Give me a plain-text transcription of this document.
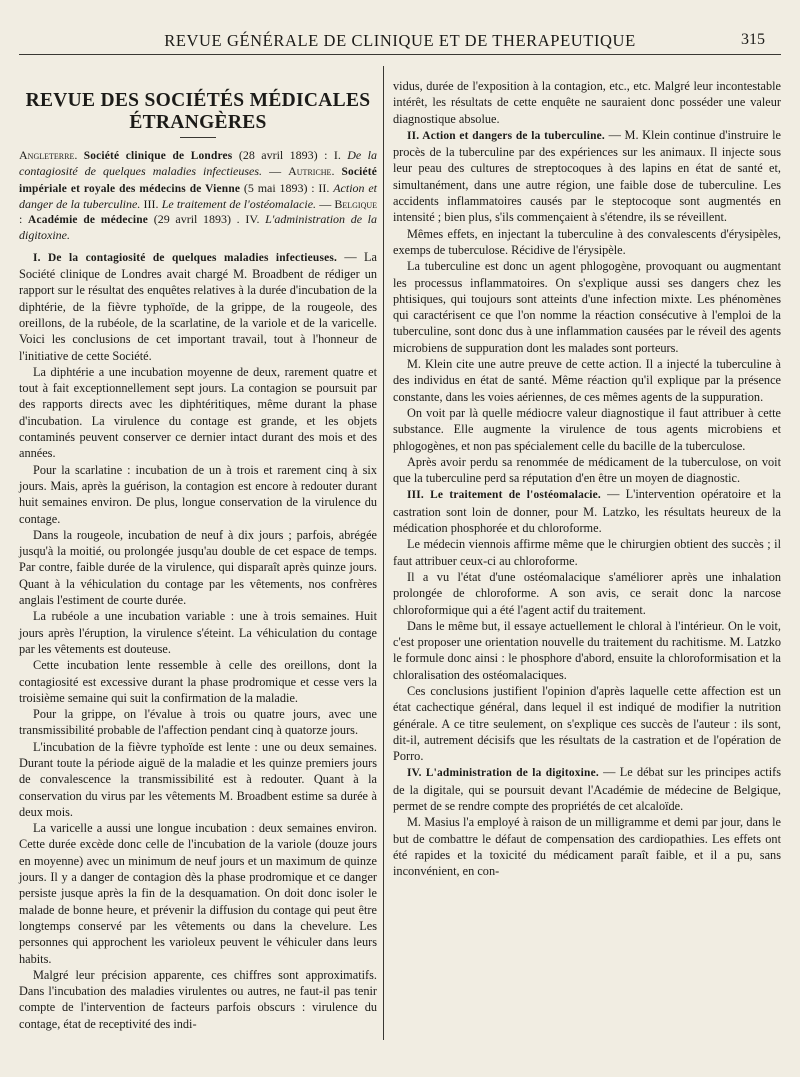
REVUE GÉNÉRALE DE CLINIQUE ET DE THERAPEUTIQUE	315
REVUE DES SOCIÉTÉS MÉDICALES ÉTRANGÈRES

Angleterre. Société clinique de Londres (28 avril 1893) : I. De la contagiosité de quelques maladies infectieuses. — Autriche. Société impériale et royale des médecins de Vienne (5 mai 1893) : II. Action et danger de la tuberculine. III. Le traitement de l'ostéomalacie. — Belgique : Académie de médecine (29 avril 1893) . IV. L'administration de la digitoxine.

I. De la contagiosité de quelques maladies infectieuses. — La Société clinique de Londres avait chargé M. Broadbent de rédiger un rapport sur le résultat des enquêtes relatives à la durée d'incubation de la diphtérie, de la fièvre typhoïde, de la grippe, de la rougeole, des oreillons, de la rubéole, de la scarlatine, de la variole et de la varicelle. Voici les conclusions de cet important travail, tout à l'honneur de l'initiative de cette Société.

La diphtérie a une incubation moyenne de deux, rarement quatre et tout à fait exceptionnellement sept jours. La contagion se poursuit par des rapports directs avec les diphtéritiques, même durant la phase d'incubation. La virulence du contage est grande, et les objets contaminés peuvent conserver ce dernier intact durant des mois et des années.

Pour la scarlatine : incubation de un à trois et rarement cinq à six jours. Mais, après la guérison, la contagion est encore à redouter durant huit semaines environ. De plus, longue conservation de la virulence du contage.

Dans la rougeole, incubation de neuf à dix jours ; parfois, abrégée jusqu'à la moitié, ou prolongée jusqu'au double de cet espace de temps. Par contre, faible durée de la virulence, qui disparaît après quinze jours. Quant à la véhiculation du contage par les vêtements, nos confrères anglais l'estiment de courte durée.

La rubéole a une incubation variable : une à trois semaines. Huit jours après l'éruption, la virulence s'éteint. La véhiculation du contage par les vêtements est douteuse.

Cette incubation lente ressemble à celle des oreillons, dont la contagiosité est excessive durant la phase prodromique et cesse vers la troisième semaine qui suit la confirmation de la maladie.

Pour la grippe, on l'évalue à trois ou quatre jours, avec une transmissibilité probable de l'affection pendant cinq à quatorze jours.

L'incubation de la fièvre typhoïde est lente : une ou deux semaines. Durant toute la période aiguë de la maladie et les quinze premiers jours de convalescence la transmissibilité est à redouter. Quant à la conservation du virus par les vêtements M. Broadbent estime sa durée à deux mois.

La varicelle a aussi une longue incubation : deux semaines environ. Cette durée excède donc celle de l'incubation de la variole (douze jours en moyenne) avec un minimum de neuf jours et un maximum de quinze jours. Il y a danger de contagion dès la phase prodromique et ce danger persiste jusque après la fin de la desquamation. On doit donc isoler le malade de bonne heure, et prévenir la diffusion du contage qui peut être longtemps conservé par les vêtements ou dans la chevelure. Les personnes qui approchent les varioleux peuvent le véhiculer dans leurs habits.

Malgré leur précision apparente, ces chiffres sont approximatifs. Dans l'incubation des maladies virulentes ou autres, ne faut-il pas tenir compte de l'intervention de facteurs parfois obscurs : virulence du contage, état de receptivité des indi-

vidus, durée de l'exposition à la contagion, etc., etc. Malgré leur incontestable intérêt, les résultats de cette enquête ne sauraient donc posséder une valeur diagnostique absolue.

II. Action et dangers de la tuberculine. — M. Klein continue d'instruire le procès de la tuberculine par des expériences sur les animaux. Il injecte sous leur peau des cultures de streptocoques à des lapins en état de santé et, simultanément, dans une autre région, une faible dose de tuberculine. Les accidents inflammatoires causés par le steptocoque sont augmentés en intensité ; bien plus, s'ils commençaient à s'étendre, ils se réveillent.

Mêmes effets, en injectant la tuberculine à des convalescents d'érysipèles, exemps de tuberculose. Récidive de l'érysipèle.

La tuberculine est donc un agent phlogogène, provoquant ou augmentant les processus inflammatoires. On s'explique aussi ses dangers chez les phtisiques, qui toujours sont atteints d'une infection mixte. Les phénomènes qui caractérisent ce que l'on nomme la réaction consécutive à l'emploi de la tuberculine, sont donc dus à une inflammation causées par le réveil des agents microbiens de suppuration dont les malades sont porteurs.

M. Klein cite une autre preuve de cette action. Il a injecté la tuberculine à des individus en état de santé. Même réaction qu'il explique par la présence constante, dans les voies aériennes, de ces mêmes agents de la suppuration.

On voit par là quelle médiocre valeur diagnostique il faut attribuer à cette substance. Elle augmente la virulence de tous agents microbiens et phlogogènes, et non pas spécialement celle du bacille de la tuberculose.

Après avoir perdu sa renommée de médicament de la tuberculose, on voit que la tuberculine perd sa réputation d'en être un moyen de diagnostic.

III. Le traitement de l'ostéomalacie. — L'intervention opératoire et la castration sont loin de donner, pour M. Latzko, les résultats heureux de la médication phosphorée et du chloroforme.

Le médecin viennois affirme même que le chirurgien obtient des succès ; il faut attribuer ceux-ci au chloroforme.

Il a vu l'état d'une ostéomalacique s'améliorer après une inhalation prolongée de chloroforme. A son avis, ce serait donc la narcose chloroformique qui a été l'agent actif du traitement.

Dans le même but, il essaye actuellement le chloral à l'intérieur. On le voit, c'est proposer une orientation nouvelle du traitement du rachitisme. M. Latzko le formule donc ainsi : le phosphore d'abord, ensuite la chloroformisation et la chloralisation des ostéomalaciques.

Ces conclusions justifient l'opinion d'après laquelle cette affection est un état cachectique général, dans lequel il est indiqué de modifier la nutrition générale. A ce titre seulement, on s'explique ces succès de l'auteur : ils sont, dit-il, autrement décisifs que les résultats de la castration et de l'opération de Porro.

IV. L'administration de la digitoxine. — Le débat sur les principes actifs de la digitale, qui se poursuit devant l'Académie de médecine de Belgique, permet de se rendre compte des propriétés de cet alcaloïde.

M. Masius l'a employé à raison de un milligramme et demi par jour, dans le but de combattre le défaut de compensation des cardiopathies. Les effets ont été rapides et la toxicité du médicament paraît faible, et il a pu, sans inconvénient, en con-
